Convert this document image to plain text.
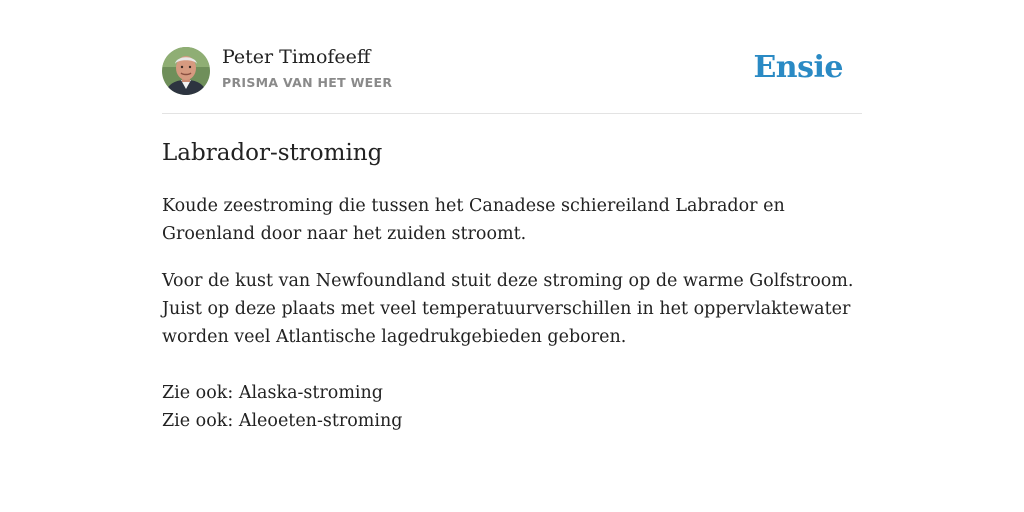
Peter Timofeeff
PRISMA VAN HET WEER	Ensie
Labrador-stroming

Koude zeestroming die tussen het Canadese schiereiland Labrador en Groenland door naar het zuiden stroomt.

Voor de kust van Newfoundland stuit deze stroming op de warme Golfstroom. Juist op deze plaats met veel temperatuurverschillen in het oppervlaktewater worden veel Atlantische lagedrukgebieden geboren.

Zie ook: Alaska-stroming
Zie ook: Aleoeten-stroming
